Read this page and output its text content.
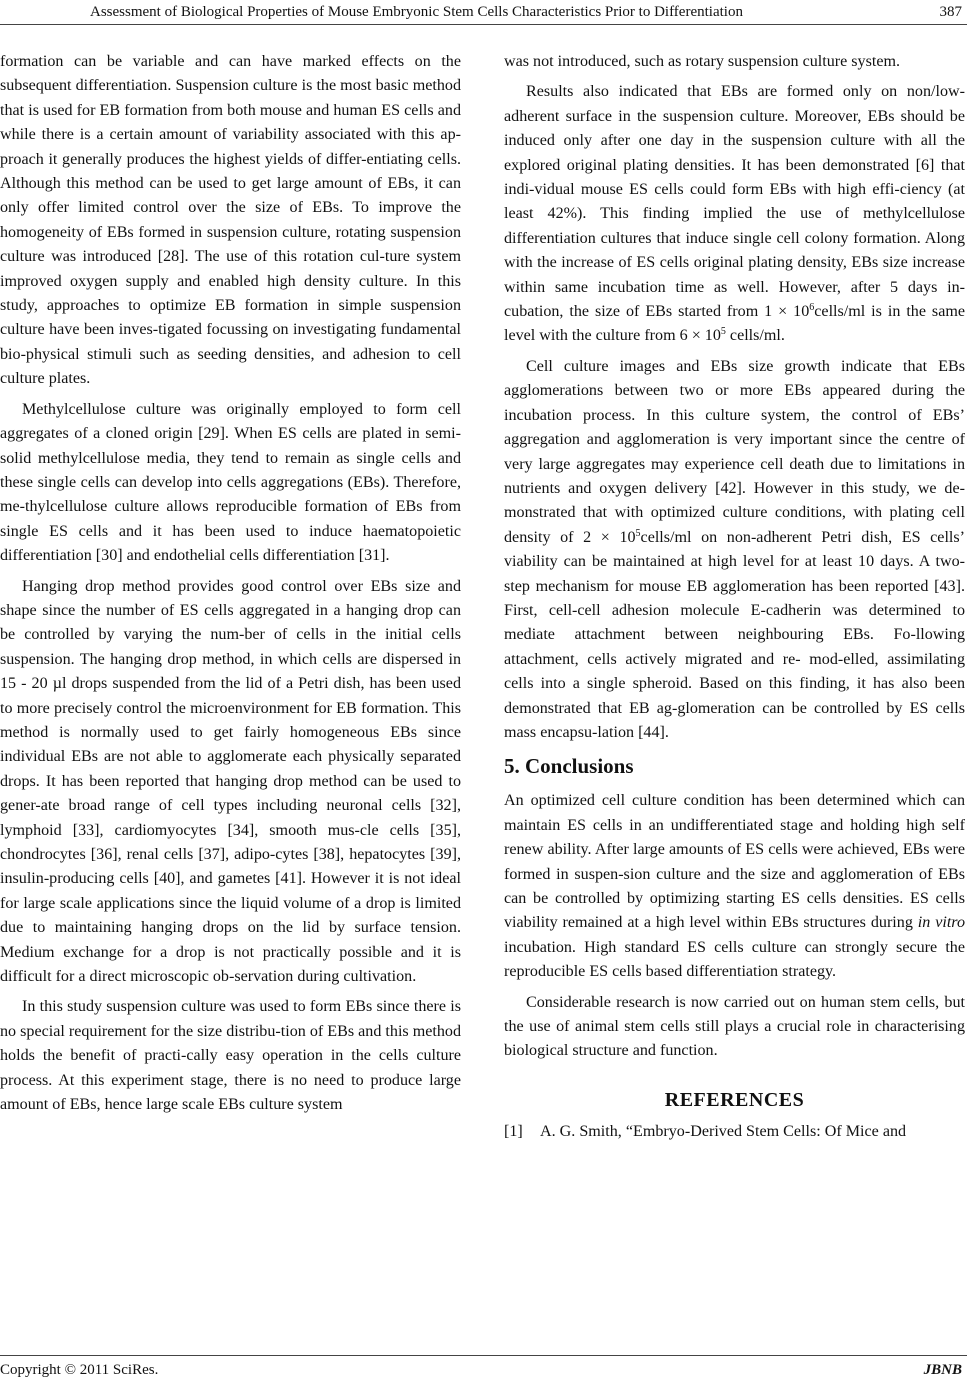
Assessment of Biological Properties of Mouse Embryonic Stem Cells Characteristics Prior to Differentiation	387

formation can be variable and can have marked effects on the subsequent differentiation. Suspension culture is the most basic method that is used for EB formation from both mouse and human ES cells and while there is a certain amount of variability associated with this ap-proach it generally produces the highest yields of differ-entiating cells. Although this method can be used to get large amount of EBs, it can only offer limited control over the size of EBs. To improve the homogeneity of EBs formed in suspension culture, rotating suspension culture was introduced [28]. The use of this rotation cul-ture system improved oxygen supply and enabled high density culture. In this study, approaches to optimize EB formation in simple suspension culture have been inves-tigated focussing on investigating fundamental bio-physical stimuli such as seeding densities, and adhesion to cell culture plates.

Methylcellulose culture was originally employed to form cell aggregates of a cloned origin [29]. When ES cells are plated in semi-solid methylcellulose media, they tend to remain as single cells and these single cells can develop into cells aggregations (EBs). Therefore, me-thylcellulose culture allows reproducible formation of EBs from single ES cells and it has been used to induce haematopoietic differentiation [30] and endothelial cells differentiation [31].

Hanging drop method provides good control over EBs size and shape since the number of ES cells aggregated in a hanging drop can be controlled by varying the num-ber of cells in the initial cells suspension. The hanging drop method, in which cells are dispersed in 15 - 20 µl drops suspended from the lid of a Petri dish, has been used to more precisely control the microenvironment for EB formation. This method is normally used to get fairly homogeneous EBs since individual EBs are not able to agglomerate each physically separated drops. It has been reported that hanging drop method can be used to gener-ate broad range of cell types including neuronal cells [32], lymphoid [33], cardiomyocytes [34], smooth mus-cle cells [35], chondrocytes [36], renal cells [37], adipo-cytes [38], hepatocytes [39], insulin-producing cells [40], and gametes [41]. However it is not ideal for large scale applications since the liquid volume of a drop is limited due to maintaining hanging drops on the lid by surface tension. Medium exchange for a drop is not practically possible and it is difficult for a direct microscopic ob-servation during cultivation.

In this study suspension culture was used to form EBs since there is no special requirement for the size distribu-tion of EBs and this method holds the benefit of practi-cally easy operation in the cells culture process. At this experiment stage, there is no need to produce large amount of EBs, hence large scale EBs culture system

was not introduced, such as rotary suspension culture system.

Results also indicated that EBs are formed only on non/low-adherent surface in the suspension culture. Moreover, EBs should be induced only after one day in the suspension culture with all the explored original plating densities. It has been demonstrated [6] that indi-vidual mouse ES cells could form EBs with high effi-ciency (at least 42%). This finding implied the use of methylcellulose differentiation cultures that induce single cell colony formation. Along with the increase of ES cells original plating density, EBs size increase within same incubation time as well. However, after 5 days in-cubation, the size of EBs started from $1 \times 10^6cells/ml$ is in the same level with the culture from $6 \times 10^5$ cells/ml.

Cell culture images and EBs size growth indicate that EBs agglomerations between two or more EBs appeared during the incubation process. In this culture system, the control of EBs’ aggregation and agglomeration is very important since the centre of very large aggregates may experience cell death due to limitations in nutrients and oxygen delivery [42]. However in this study, we de-monstrated that with optimized culture conditions, with plating cell density of $2 \times 10^5cells/ml$ on non-adherent Petri dish, ES cells’ viability can be maintained at high level for at least 10 days. A two-step mechanism for mouse EB agglomeration has been reported [43]. First, cell-cell adhesion molecule E-cadherin was determined to mediate attachment between neighbouring EBs. Fo-llowing attachment, cells actively migrated and re- mod-elled, assimilating cells into a single spheroid. Based on this finding, it has also been demonstrated that EB ag-glomeration can be controlled by ES cells mass encapsu-lation [44].

5. Conclusions

An optimized cell culture condition has been determined which can maintain ES cells in an undifferentiated stage and holding high self renew ability. After large amounts of ES cells were achieved, EBs were formed in suspen-sion culture and the size and agglomeration of EBs can be controlled by optimizing starting ES cells densities. ES cells viability remained at a high level within EBs structures during in vitro incubation. High standard ES cells culture can strongly secure the reproducible ES cells based differentiation strategy.

Considerable research is now carried out on human stem cells, but the use of animal stem cells still plays a crucial role in characterising biological structure and function.

REFERENCES
[1]	A. G. Smith, “Embryo-Derived Stem Cells: Of Mice and
Copyright © 2011 SciRes.	JBNB
